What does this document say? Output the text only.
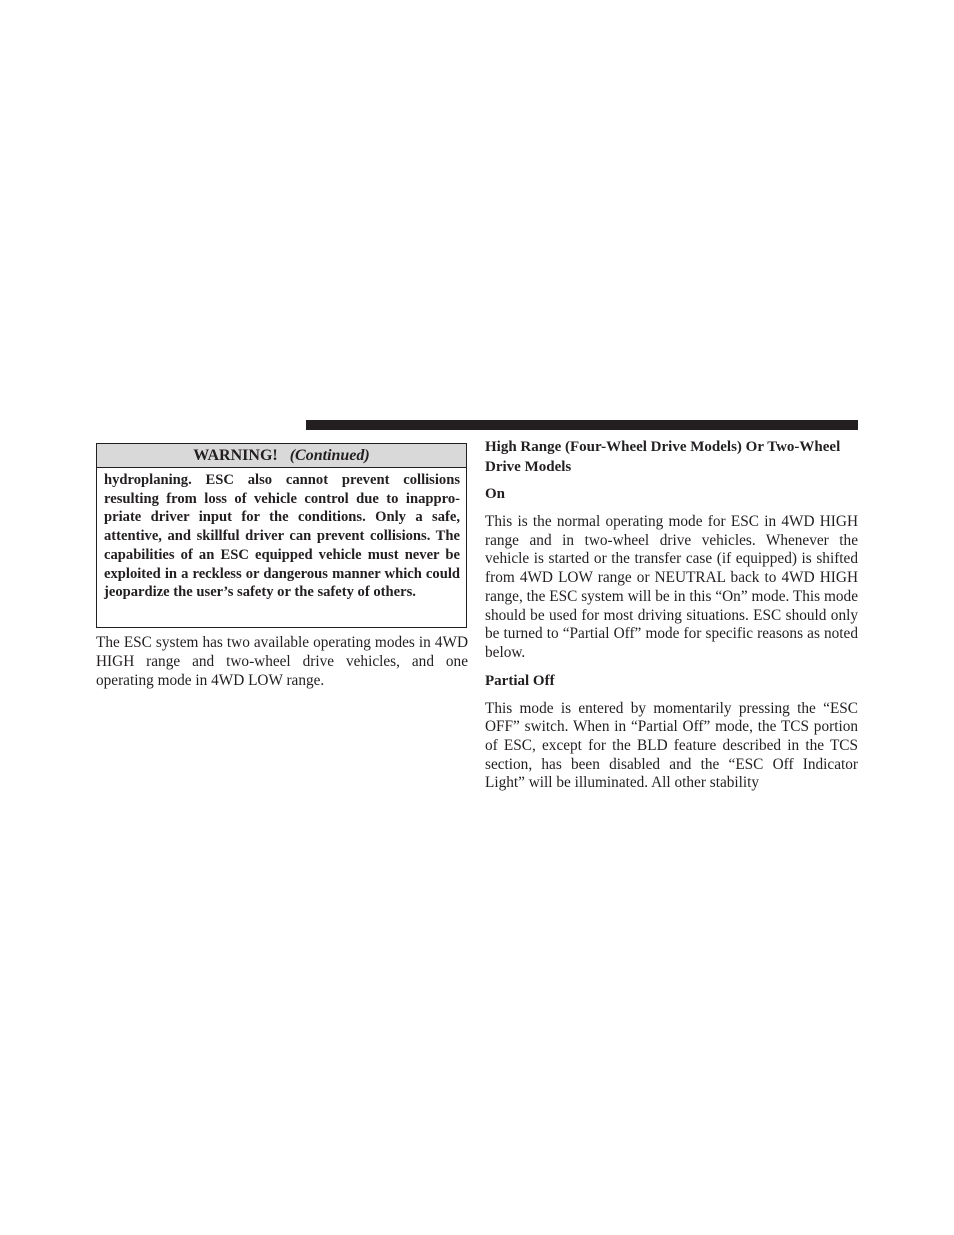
WARNING! (Continued)
hydroplaning. ESC also cannot prevent collisions resulting from loss of vehicle control due to inappropriate driver input for the conditions. Only a safe, attentive, and skillful driver can prevent collisions. The capabilities of an ESC equipped vehicle must never be exploited in a reckless or dangerous manner which could jeopardize the user’s safety or the safety of others.
The ESC system has two available operating modes in 4WD HIGH range and two-wheel drive vehicles, and one operating mode in 4WD LOW range.

High Range (Four-Wheel Drive Models) Or Two-Wheel Drive Models

On

This is the normal operating mode for ESC in 4WD HIGH range and in two-wheel drive vehicles. Whenever the vehicle is started or the transfer case (if equipped) is shifted from 4WD LOW range or NEUTRAL back to 4WD HIGH range, the ESC system will be in this “On” mode. This mode should be used for most driving situations. ESC should only be turned to “Partial Off” mode for specific reasons as noted below.

Partial Off

This mode is entered by momentarily pressing the “ESC OFF” switch. When in “Partial Off” mode, the TCS portion of ESC, except for the BLD feature described in the TCS section, has been disabled and the “ESC Off Indicator Light” will be illuminated. All other stability
